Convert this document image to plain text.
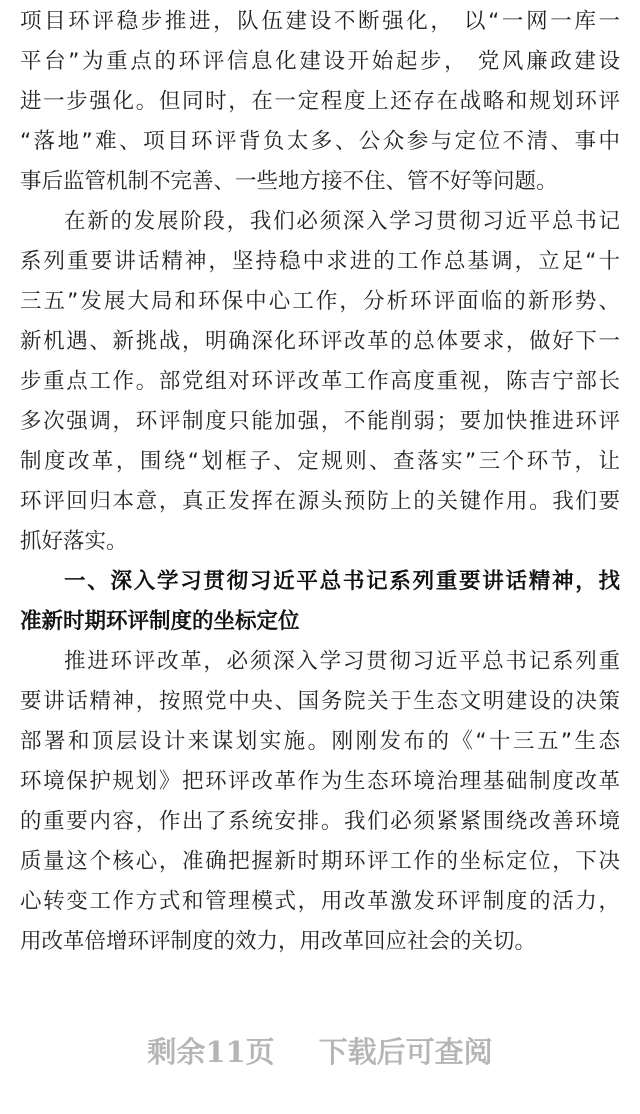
项目环评稳步推进，队伍建设不断强化， 以“一网一库一
平台”为重点的环评信息化建设开始起步， 党风廉政建设
进一步强化。但同时，在一定程度上还存在战略和规划环评
“落地”难、项目环评背负太多、公众参与定位不清、事中
事后监管机制不完善、一些地方接不住、管不好等问题。
在新的发展阶段，我们必须深入学习贯彻习近平总书记
系列重要讲话精神，坚持稳中求进的工作总基调，立足“十
三五”发展大局和环保中心工作，分析环评面临的新形势、
新机遇、新挑战，明确深化环评改革的总体要求，做好下一
步重点工作。部党组对环评改革工作高度重视，陈吉宁部长
多次强调，环评制度只能加强，不能削弱；要加快推进环评
制度改革，围绕“划框子、定规则、查落实”三个环节，让
环评回归本意，真正发挥在源头预防上的关键作用。我们要
抓好落实。
一、深入学习贯彻习近平总书记系列重要讲话精神，找
准新时期环评制度的坐标定位
推进环评改革，必须深入学习贯彻习近平总书记系列重
要讲话精神，按照党中央、国务院关于生态文明建设的决策
部署和顶层设计来谋划实施。刚刚发布的《“十三五”生态
环境保护规划》把环评改革作为生态环境治理基础制度改革
的重要内容，作出了系统安排。我们必须紧紧围绕改善环境
质量这个核心，准确把握新时期环评工作的坐标定位，下决
心转变工作方式和管理模式，用改革激发环评制度的活力，
用改革倍增环评制度的效力，用改革回应社会的关切。
剩余11页 下载后可查阅
